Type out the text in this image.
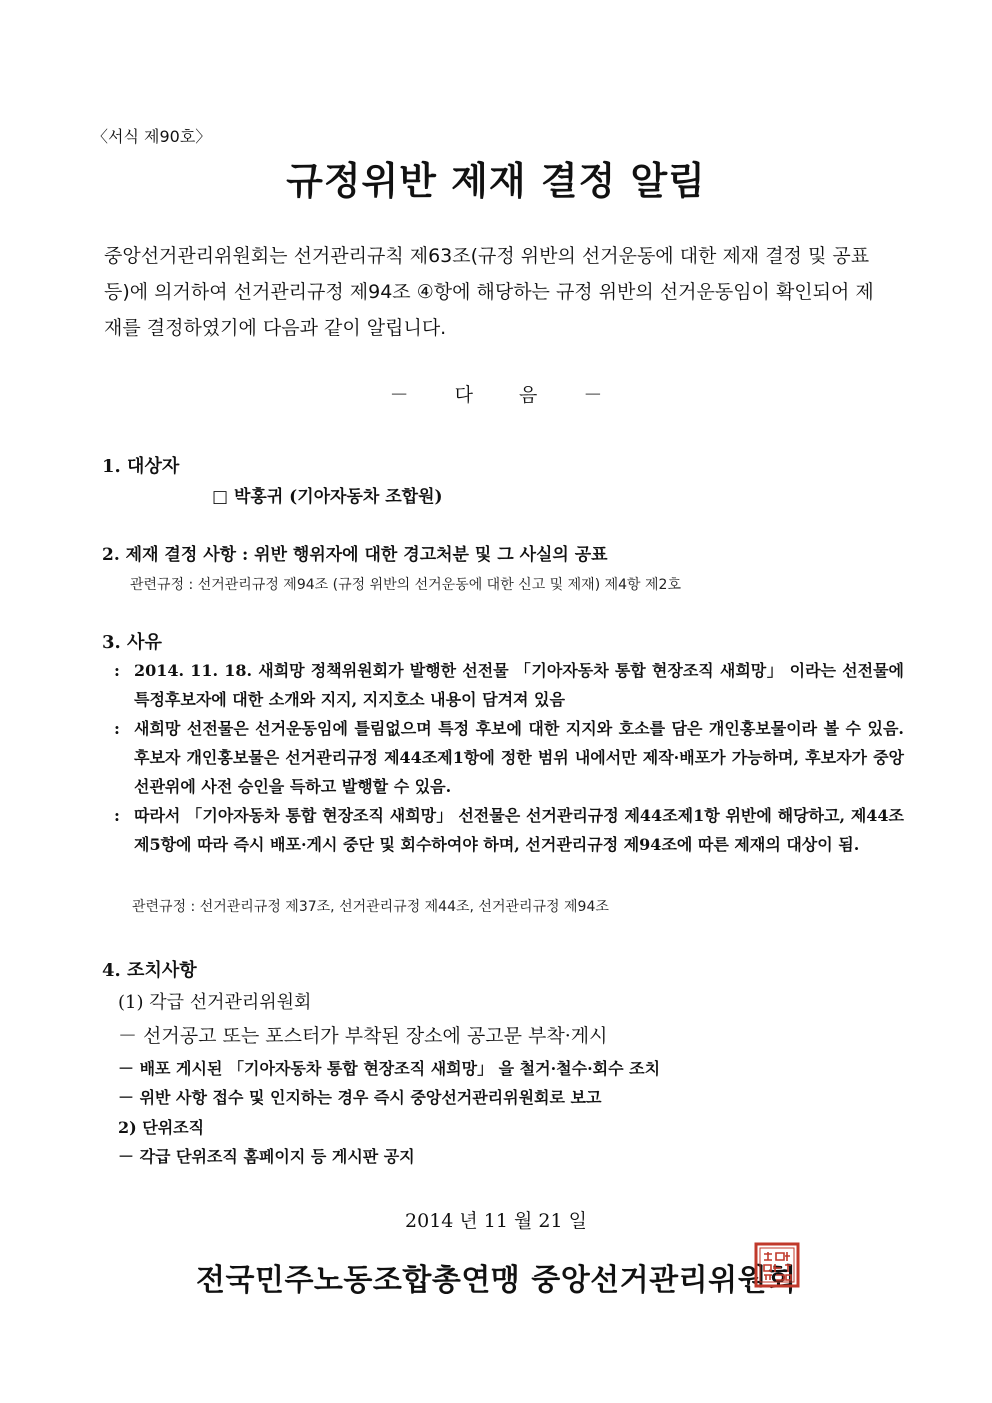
〈서식 제90호〉
규정위반 제재 결정 알림

중앙선거관리위원회는 선거관리규칙 제63조(규정 위반의 선거운동에 대한 제재 결정 및 공표

등)에 의거하여 선거관리규정 제94조 ④항에 해당하는 규정 위반의 선거운동임이 확인되어 제

재를 결정하였기에 다음과 같이 알립니다.

－ 다 음 －
1. 대상자
□ 박홍귀 (기아자동차 조합원)
2. 제재 결정 사항 : 위반 행위자에 대한 경고처분 및 그 사실의 공표
관련규정 : 선거관리규정 제94조 (규정 위반의 선거운동에 대한 신고 및 제재) 제4항 제2호
3. 사유
: 2014. 11. 18. 새희망 정책위원회가 발행한 선전물 「기아자동차 통합 현장조직 새희망」 이라는 선전물에 특정후보자에 대한 소개와 지지, 지지호소 내용이 담겨져 있음
: 새희망 선전물은 선거운동임에 틀림없으며 특정 후보에 대한 지지와 호소를 담은 개인홍보물이라 볼 수 있음. 후보자 개인홍보물은 선거관리규정 제44조제1항에 정한 범위 내에서만 제작·배포가 가능하며, 후보자가 중앙선관위에 사전 승인을 득하고 발행할 수 있음.
: 따라서 「기아자동차 통합 현장조직 새희망」 선전물은 선거관리규정 제44조제1항 위반에 해당하고, 제44조 제5항에 따라 즉시 배포·게시 중단 및 회수하여야 하며, 선거관리규정 제94조에 따른 제재의 대상이 됨.
관련규정 : 선거관리규정 제37조, 선거관리규정 제44조, 선거관리규정 제94조
4. 조치사항
(1) 각급 선거관리위원회
－ 선거공고 또는 포스터가 부착된 장소에 공고문 부착·게시
－ 배포 게시된 「기아자동차 통합 현장조직 새희망」 을 철거·철수·회수 조치
－ 위반 사항 접수 및 인지하는 경우 즉시 중앙선거관리위원회로 보고
2) 단위조직
－ 각급 단위조직 홈페이지 등 게시판 공지
2014 년 11 월 21 일
전국민주노동조합총연맹 중앙선거관리위원회
